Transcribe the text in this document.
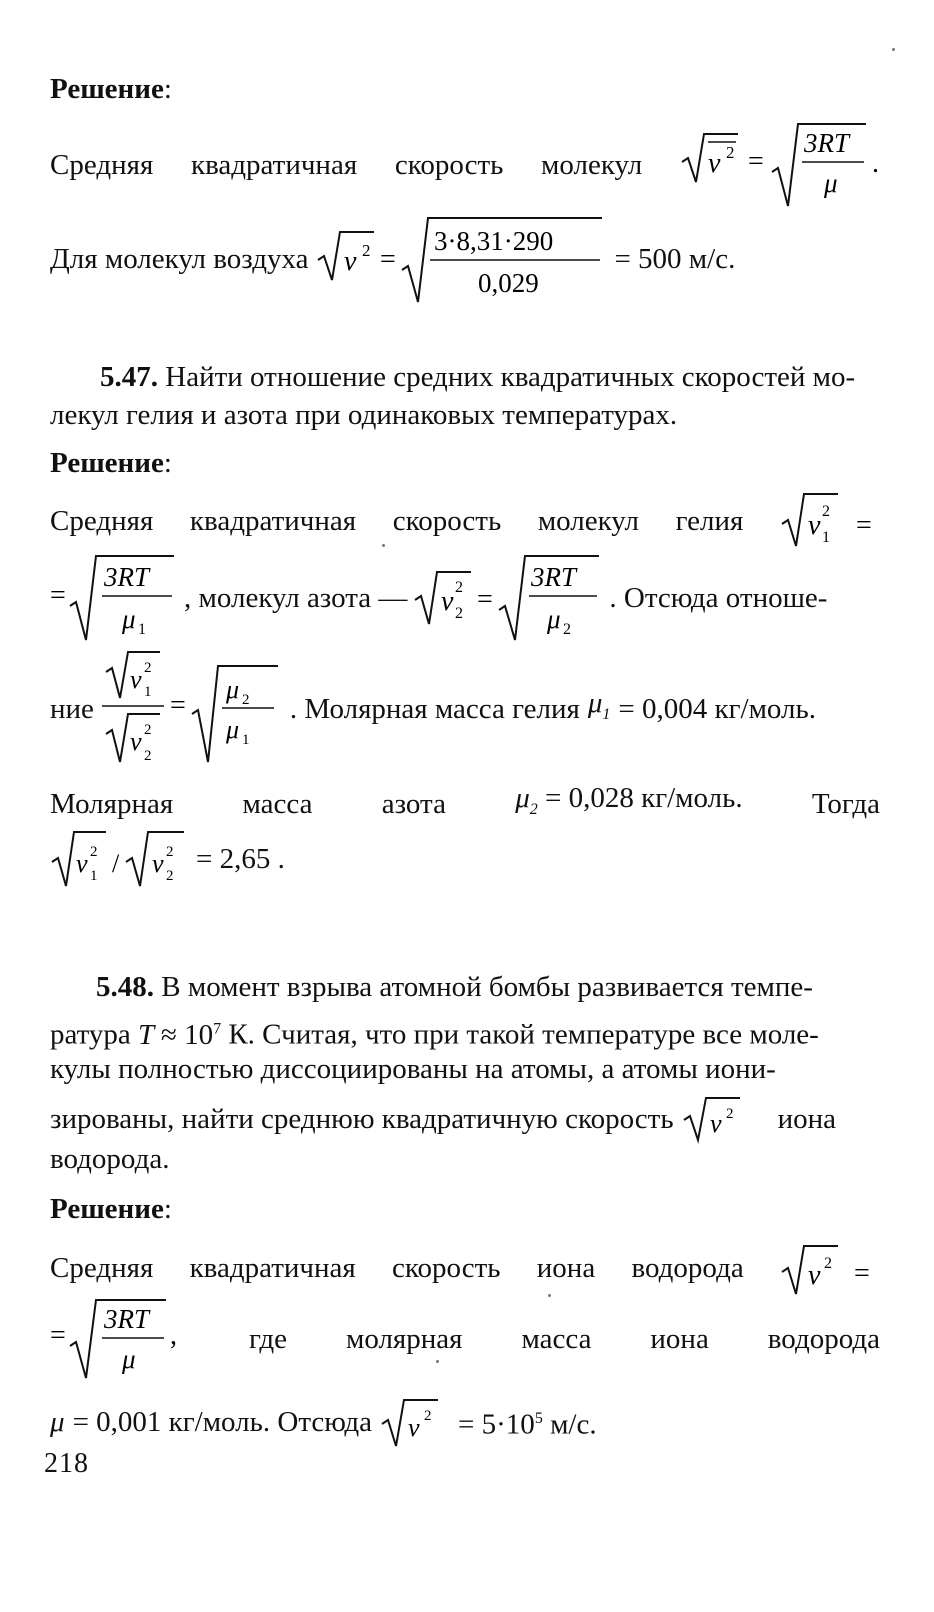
Решение:
Средняя квадратичная скорость молекул v 2 =
3RT
μ
.
Для молекул воздуха v 2 =
3·8,31·290
0,029
= 500 м/с.
5.47. Найти отношение средних квадратичных скоростей мо-
лекул гелия и азота при одинаковых температурах.
Решение:
Средняя квадратичная скорость молекул гелия v 2
1 =
=
3RT
μ 1
, молекул азота — v 2
2 =
3RT
μ 2
. Отсюда отноше-
ние
v 2
1
v 2
2
=
μ 2
μ 1
. Молярная масса гелия $\mu_1 = 0,004$ кг/моль.
Молярная масса азота $\mu_2 = 0,028$ кг/моль. Тогда
v 2
1 / v 2
2
= 2,65 .
5.48. В момент взрыва атомной бомбы развивается темпе-
ратура $T \approx 10^7$ К. Считая, что при такой температуре все моле-
кулы полностью диссоциированы на атомы, а атомы иони-
зированы, найти среднюю квадратичную скорость v 2 иона
водорода.
Решение:
Средняя квадратичная скорость иона водорода v 2 =
=
3RT
μ
, где молярная масса иона водорода
μ = 0,001 кг/моль. Отсюда v $2 = 5\cdot 10^5$ м/с.
218
